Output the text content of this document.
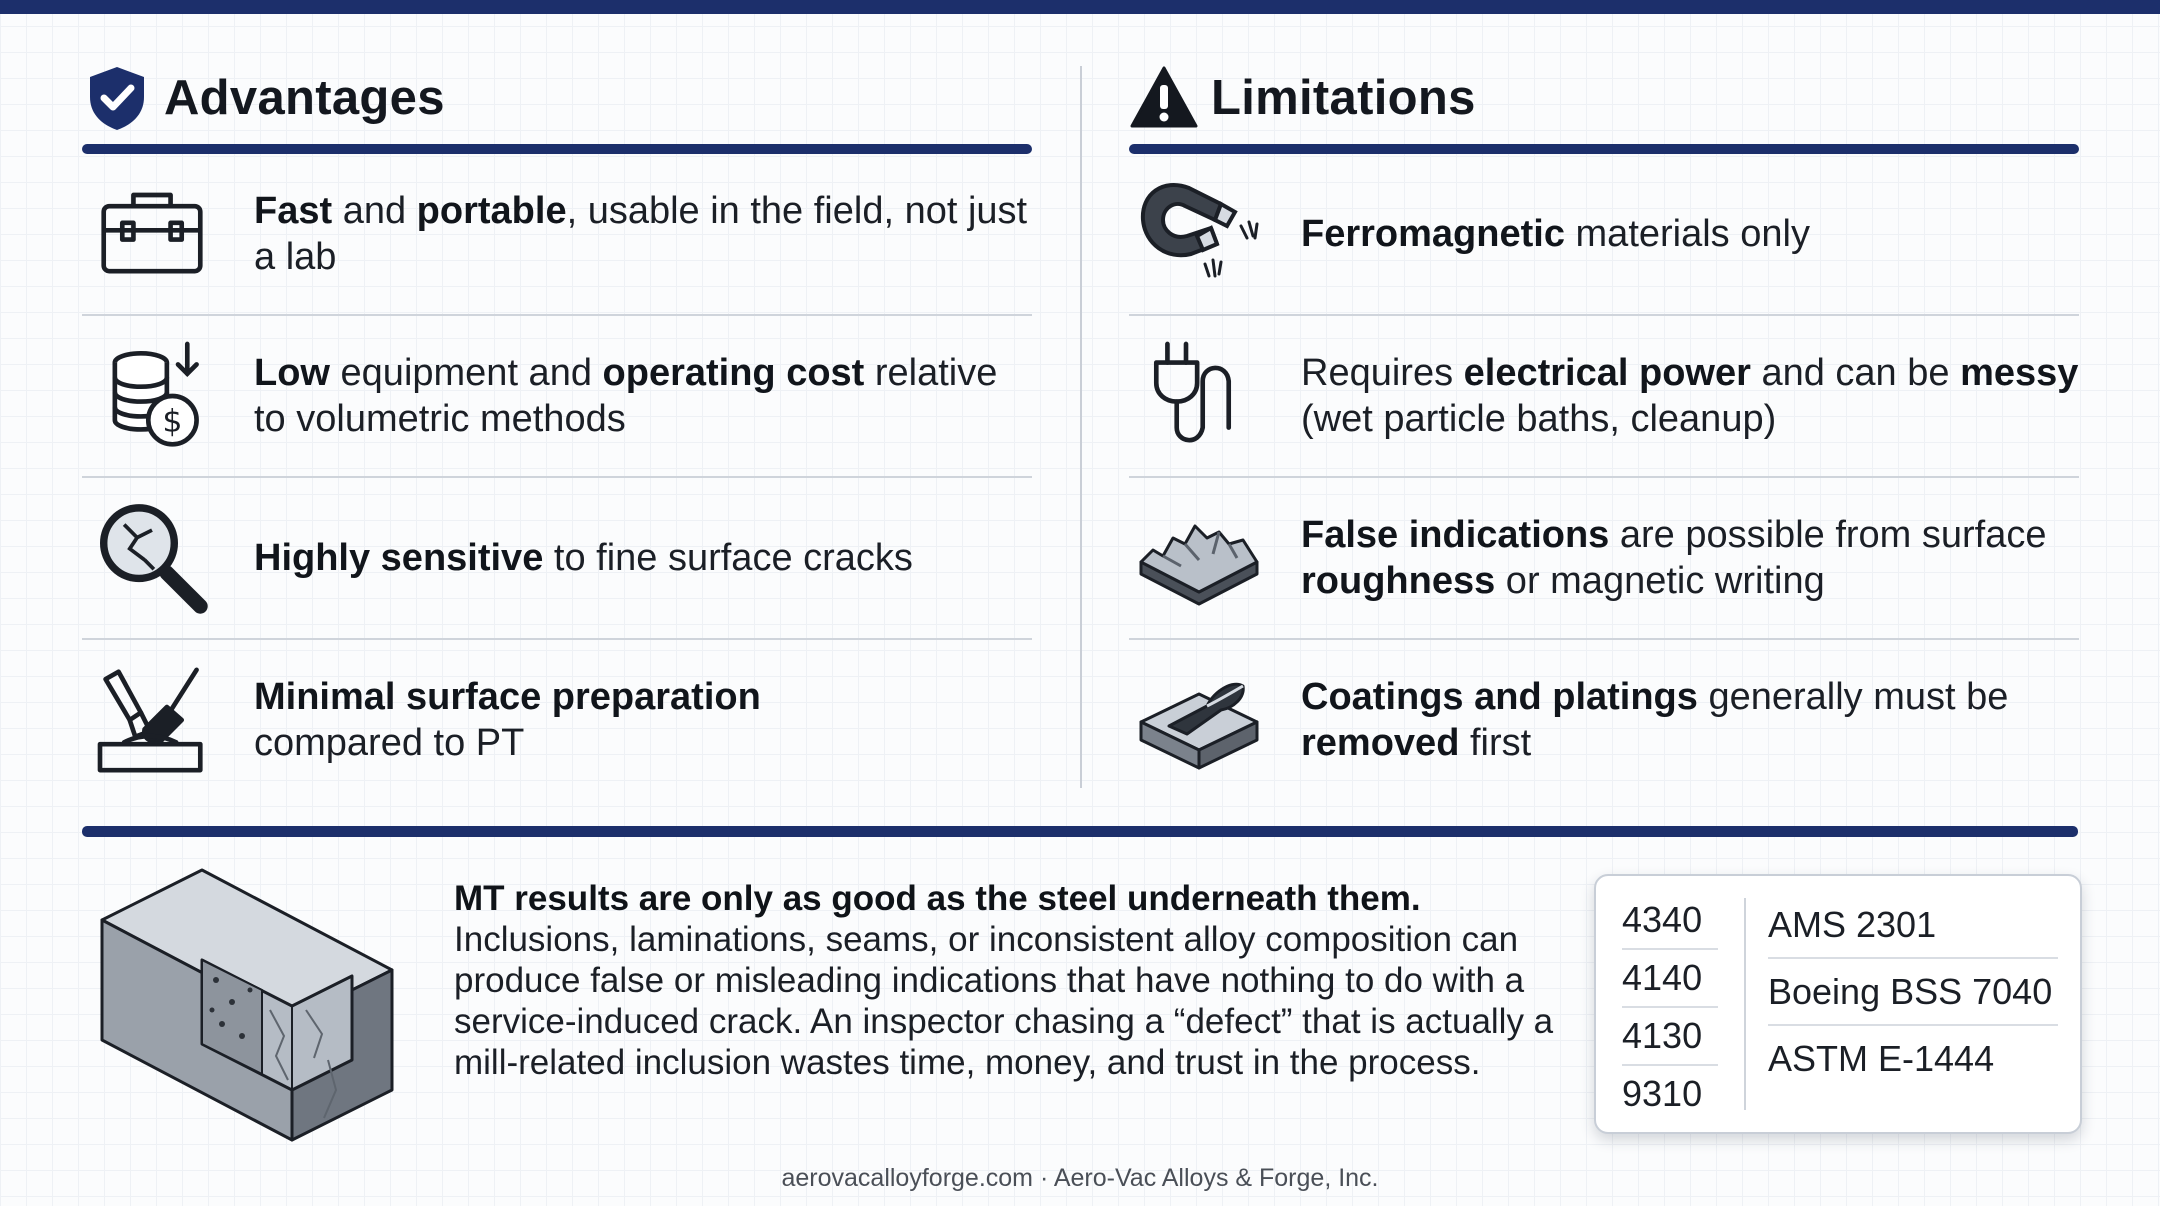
Advantages
Fast and portable, usable in the field, not just a lab
$
Low equipment and operating cost relative to volumetric methods
Highly sensitive to fine surface cracks
Minimal surface preparation
compared to PT
Limitations
Ferromagnetic materials only
Requires electrical power and can be messy (wet particle baths, cleanup)
False indications are possible from surface roughness or magnetic writing
Coatings and platings generally must be removed first
MT results are only as good as the steel underneath them.
Inclusions, laminations, seams, or inconsistent alloy composition can produce false or misleading indications that have nothing to do with a service-induced crack. An inspector chasing a “defect” that is actually a mill-related inclusion wastes time, money, and trust in the process.
4340
4140
4130
9310
AMS 2301
Boeing BSS 7040
ASTM E-1444
aerovacalloyforge.com · Aero-Vac Alloys & Forge, Inc.
